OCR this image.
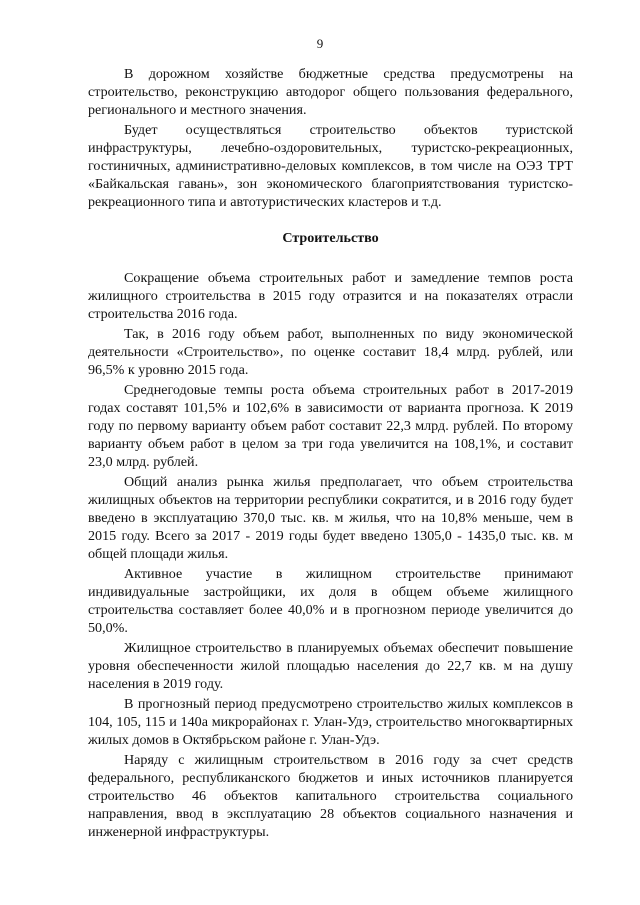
9

В дорожном хозяйстве бюджетные средства предусмотрены на строительство, реконструкцию автодорог общего пользования федерального, регионального и местного значения.

Будет осуществляться строительство объектов туристской инфраструктуры, лечебно-оздоровительных, туристско-рекреационных, гостиничных, административно-деловых комплексов, в том числе на ОЭЗ ТРТ «Байкальская гавань», зон экономического благоприятствования туристско-рекреационного типа и автотуристических кластеров и т.д.

Строительство

Сокращение объема строительных работ и замедление темпов роста жилищного строительства в 2015 году отразится и на показателях отрасли строительства 2016 года.

Так, в 2016 году объем работ, выполненных по виду экономической деятельности «Строительство», по оценке составит 18,4 млрд. рублей, или 96,5% к уровню 2015 года.

Среднегодовые темпы роста объема строительных работ в 2017-2019 годах составят 101,5% и 102,6% в зависимости от варианта прогноза. К 2019 году по первому варианту объем работ составит 22,3 млрд. рублей. По второму варианту объем работ в целом за три года увеличится на 108,1%, и составит 23,0 млрд. рублей.

Общий анализ рынка жилья предполагает, что объем строительства жилищных объектов на территории республики сократится, и в 2016 году будет введено в эксплуатацию 370,0 тыс. кв. м жилья, что на 10,8% меньше, чем в 2015 году. Всего за 2017 - 2019 годы будет введено 1305,0 - 1435,0 тыс. кв. м общей площади жилья.

Активное участие в жилищном строительстве принимают индивидуальные застройщики, их доля в общем объеме жилищного строительства составляет более 40,0% и в прогнозном периоде увеличится до 50,0%.

Жилищное строительство в планируемых объемах обеспечит повышение уровня обеспеченности жилой площадью населения до 22,7 кв. м на душу населения в 2019 году.

В прогнозный период предусмотрено строительство жилых комплексов в 104, 105, 115 и 140а микрорайонах г. Улан-Удэ, строительство многоквартирных жилых домов в Октябрьском районе г. Улан-Удэ.

Наряду с жилищным строительством в 2016 году за счет средств федерального, республиканского бюджетов и иных источников планируется строительство 46 объектов капитального строительства социального направления, ввод в эксплуатацию 28 объектов социального назначения и инженерной инфраструктуры.
